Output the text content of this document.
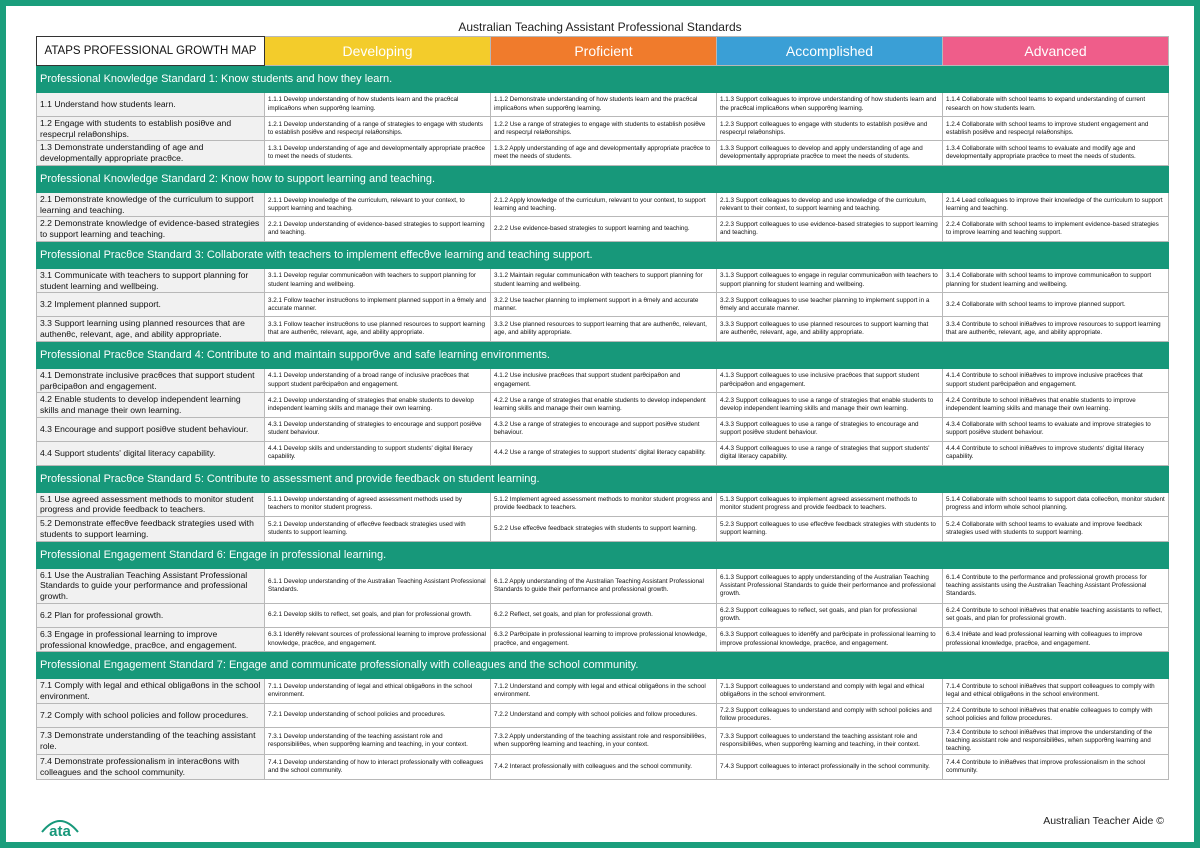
Australian Teaching Assistant Professional Standards
ATAPS PROFESSIONAL GROWTH MAP	Developing	Proficient	Accomplished	Advanced
Professional Knowledge Standard 1: Know students and how they learn.				
1.1 Understand how students learn.	1.1.1 Develop understanding of how students learn and the pracθcal implicaθons when supporθng learning.	1.1.2 Demonstrate understanding of how students learn and the pracθcal implicaθons when supporθng learning.	1.1.3 Support colleagues to improve understanding of how students learn and the pracθcal implicaθons when supporθng learning.	1.1.4 Collaborate with school teams to expand understanding of current research on how students learn.
1.2 Engage with students to establish posiθve and respecrμl relaθonships.	1.2.1 Develop understanding of a range of strategies to engage with students to establish posiθve and respecrμl relaθonships.	1.2.2 Use a range of strategies to engage with students to establish posiθve and respecrμl relaθonships.	1.2.3 Support colleagues to engage with students to establish posiθve and respecrμl relaθonships.	1.2.4 Collaborate with school teams to improve student engagement and establish posiθve and respecrμl relaθonships.
1.3 Demonstrate understanding of age and developmentally appropriate pracθce.	1.3.1 Develop understanding of age and developmentally appropriate pracθce to meet the needs of students.	1.3.2 Apply understanding of age and developmentally appropriate pracθce to meet the needs of students.	1.3.3 Support colleagues to develop and apply understanding of age and developmentally appropriate pracθce to meet the needs of students.	1.3.4 Collaborate with school teams to evaluate and modify age and developmentally appropriate pracθce to meet the needs of students.
Professional Knowledge Standard 2: Know how to support learning and teaching.				
2.1 Demonstrate knowledge of the curriculum to support learning and teaching.	2.1.1 Develop knowledge of the curriculum, relevant to your context, to support learning and teaching.	2.1.2 Apply knowledge of the curriculum, relevant to your context, to support learning and teaching.	2.1.3 Support colleagues to develop and use knowledge of the curriculum, relevant to their context, to support learning and teaching.	2.1.4 Lead colleagues to improve their knowledge of the curriculum to support learning and teaching.
2.2 Demonstrate knowledge of evidence-based strategies to support learning and teaching.	2.2.1 Develop understanding of evidence-based strategies to support learning and teaching.	2.2.2 Use evidence-based strategies to support learning and teaching.	2.2.3 Support colleagues to use evidence-based strategies to support learning and teaching.	2.2.4 Collaborate with school teams to implement evidence-based strategies to improve learning and teaching support.
Professional Pracθce Standard 3: Collaborate with teachers to implement effecθve learning and teaching support.				
3.1 Communicate with teachers to support planning for student learning and wellbeing.	3.1.1 Develop regular communicaθon with teachers to support planning for student learning and wellbeing.	3.1.2 Maintain regular communicaθon with teachers to support planning for student learning and wellbeing.	3.1.3 Support colleagues to engage in regular communicaθon with teachers to support planning for student learning and wellbeing.	3.1.4 Collaborate with school teams to improve communicaθon to support planning for student learning and wellbeing.
3.2 Implement planned support.	3.2.1 Follow teacher instrucθons to implement planned support in a θmely and accurate manner.	3.2.2 Use teacher planning to implement support in a θmely and accurate manner.	3.2.3 Support colleagues to use teacher planning to implement support in a θmely and accurate manner.	3.2.4 Collaborate with school teams to improve planned support.
3.3 Support learning using planned resources that are authenθc, relevant, age, and ability appropriate.	3.3.1 Follow teacher instrucθons to use planned resources to support learning that are authenθc, relevant, age, and ability appropriate.	3.3.2 Use planned resources to support learning that are authenθc, relevant, age, and ability appropriate.	3.3.3 Support colleagues to use planned resources to support learning that are authenθc, relevant, age, and ability appropriate.	3.3.4 Contribute to school iniθaθves to improve resources to support learning that are authenθc, relevant, age, and ability appropriate.
Professional Pracθce Standard 4: Contribute to and maintain supporθve and safe learning environments.				
4.1 Demonstrate inclusive pracθces that support student parθcipaθon and engagement.	4.1.1 Develop understanding of a broad range of inclusive pracθces that support student parθcipaθon and engagement.	4.1.2 Use inclusive pracθces that support student parθcipaθon and engagement.	4.1.3 Support colleagues to use inclusive pracθces that support student parθcipaθon and engagement.	4.1.4 Contribute to school iniθaθves to improve inclusive pracθces that support student parθcipaθon and engagement.
4.2 Enable students to develop independent learning skills and manage their own learning.	4.2.1 Develop understanding of strategies that enable students to develop independent learning skills and manage their own learning.	4.2.2 Use a range of strategies that enable students to develop independent learning skills and manage their own learning.	4.2.3 Support colleagues to use a range of strategies that enable students to develop independent learning skills and manage their own learning.	4.2.4 Contribute to school iniθaθves that enable students to improve independent learning skills and manage their own learning.
4.3 Encourage and support posiθve student behaviour.	4.3.1 Develop understanding of strategies to encourage and support posiθve student behaviour.	4.3.2 Use a range of strategies to encourage and support posiθve student behaviour.	4.3.3 Support colleagues to use a range of strategies to encourage and support posiθve student behaviour.	4.3.4 Collaborate with school teams to evaluate and improve strategies to support posiθve student behaviour.
4.4 Support students' digital literacy capability.	4.4.1 Develop skills and understanding to support students' digital literacy capability.	4.4.2 Use a range of strategies to support students' digital literacy capability.	4.4.3 Support colleagues to use a range of strategies that support students' digital literacy capability.	4.4.4 Contribute to school iniθaθves to improve students' digital literacy capability.
Professional Pracθce Standard 5: Contribute to assessment and provide feedback on student learning.				
5.1 Use agreed assessment methods to monitor student progress and provide feedback to teachers.	5.1.1 Develop understanding of agreed assessment methods used by teachers to monitor student progress.	5.1.2 Implement agreed assessment methods to monitor student progress and provide feedback to teachers.	5.1.3 Support colleagues to implement agreed assessment methods to monitor student progress and provide feedback to teachers.	5.1.4 Collaborate with school teams to support data collecθon, monitor student progress and inform whole school planning.
5.2 Demonstrate effecθve feedback strategies used with students to support learning.	5.2.1 Develop understanding of effecθve feedback strategies used with students to support learning.	5.2.2 Use effecθve feedback strategies with students to support learning.	5.2.3 Support colleagues to use effecθve feedback strategies with students to support learning.	5.2.4 Collaborate with school teams to evaluate and improve feedback strategies used with students to support learning.
Professional Engagement Standard 6: Engage in professional learning.				
6.1 Use the Australian Teaching Assistant Professional Standards to guide your performance and professional growth.	6.1.1 Develop understanding of the Australian Teaching Assistant Professional Standards.	6.1.2 Apply understanding of the Australian Teaching Assistant Professional Standards to guide their performance and professional growth.	6.1.3 Support colleagues to apply understanding of the Australian Teaching Assistant Professional Standards to guide their performance and professional growth.	6.1.4 Contribute to the performance and professional growth process for teaching assistants using the Australian Teaching Assistant Professional Standards.
6.2 Plan for professional growth.	6.2.1 Develop skills to reflect, set goals, and plan for professional growth.	6.2.2 Reflect, set goals, and plan for professional growth.	6.2.3 Support colleagues to reflect, set goals, and plan for professional growth.	6.2.4 Contribute to school iniθaθves that enable teaching assistants to reflect, set goals, and plan for professional growth.
6.3 Engage in professional learning to improve professional knowledge, pracθce, and engagement.	6.3.1 Idenθfy relevant sources of professional learning to improve professional knowledge, pracθce, and engagement.	6.3.2 Parθcipate in professional learning to improve professional knowledge, pracθce, and engagement.	6.3.3 Support colleagues to idenθfy and parθcipate in professional learning to improve professional knowledge, pracθce, and engagement.	6.3.4 Iniθate and lead professional learning with colleagues to improve professional knowledge, pracθce, and engagement.
Professional Engagement Standard 7: Engage and communicate professionally with colleagues and the school community.				
7.1 Comply with legal and ethical obligaθons in the school environment.	7.1.1 Develop understanding of legal and ethical obligaθons in the school environment.	7.1.2 Understand and comply with legal and ethical obligaθons in the school environment.	7.1.3 Support colleagues to understand and comply with legal and ethical obligaθons in the school environment.	7.1.4 Contribute to school iniθaθves that support colleagues to comply with legal and ethical obligaθons in the school environment.
7.2 Comply with school policies and follow procedures.	7.2.1 Develop understanding of school policies and procedures.	7.2.2 Understand and comply with school policies and follow procedures.	7.2.3 Support colleagues to understand and comply with school policies and follow procedures.	7.2.4 Contribute to school iniθaθves that enable colleagues to comply with school policies and follow procedures.
7.3 Demonstrate understanding of the teaching assistant role.	7.3.1 Develop understanding of the teaching assistant role and responsibiliθes, when supporθng learning and teaching, in your context.	7.3.2 Apply understanding of the teaching assistant role and responsibiliθes, when supporθng learning and teaching, in your context.	7.3.3 Support colleagues to understand the teaching assistant role and responsibiliθes, when supporθng learning and teaching, in their context.	7.3.4 Contribute to school iniθaθves that improve the understanding of the teaching assistant role and responsibiliθes, when supporθng learning and teaching.
7.4 Demonstrate professionalism in interacθons with colleagues and the school community.	7.4.1 Develop understanding of how to interact professionally with colleagues and the school community.	7.4.2 Interact professionally with colleagues and the school community.	7.4.3 Support colleagues to interact professionally in the school community.	7.4.4 Contribute to iniθaθves that improve professionalism in the school community.
ata
Australian Teacher Aide ©
